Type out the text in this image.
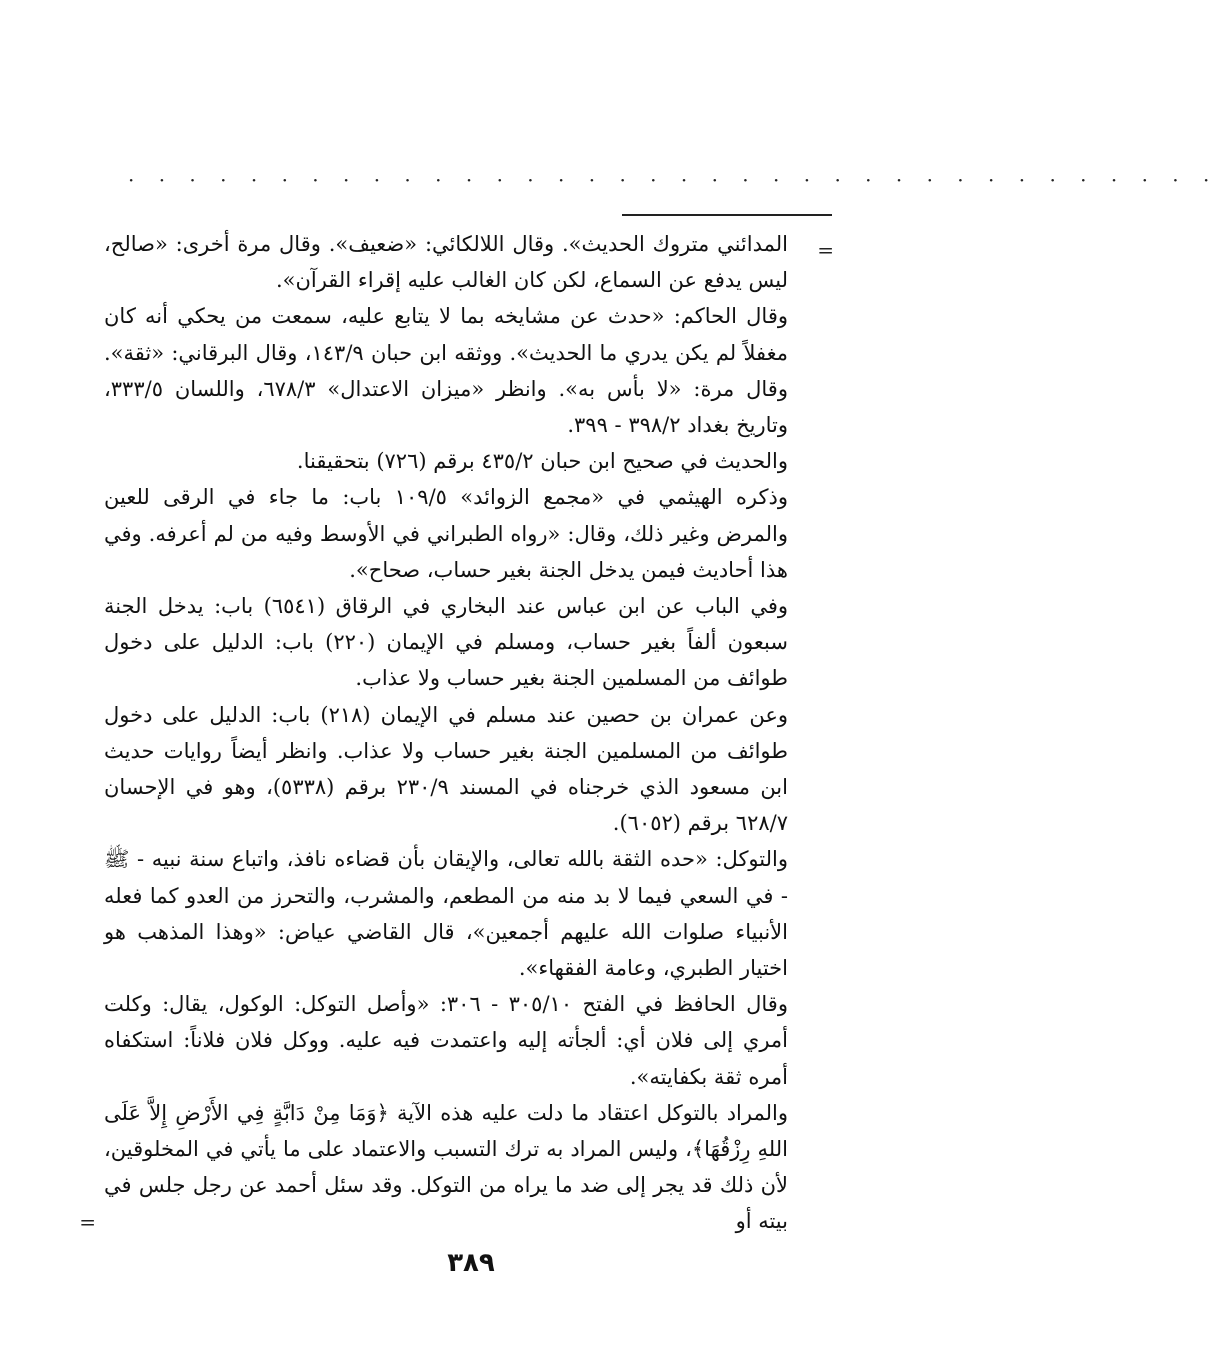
· · · · · · · · · · · · · · · · · · · · · · · · · · · · · · · · · · · ·
=

المدائني متروك الحديث». وقال اللالكائي: «ضعيف». وقال مرة أخرى: «صالح، ليس يدفع عن السماع، لكن كان الغالب عليه إقراء القرآن».

وقال الحاكم: «حدث عن مشايخه بما لا يتابع عليه، سمعت من يحكي أنه كان مغفلاً لم يكن يدري ما الحديث». ووثقه ابن حبان ٩/‏١٤٣، وقال البرقاني: «ثقة». وقال مرة: «لا بأس به». وانظر «ميزان الاعتدال» ٦٧٨/٣، واللسان ٣٣٣/٥، وتاريخ بغداد ٣٩٨/٢ - ٣٩٩.

والحديث في صحيح ابن حبان ٤٣٥/٢ برقم (٧٢٦) بتحقيقنا.

وذكره الهيثمي في «مجمع الزوائد» ١٠٩/٥ باب: ما جاء في الرقى للعين والمرض وغير ذلك، وقال: «رواه الطبراني في الأوسط وفيه من لم أعرفه. وفي هذا أحاديث فيمن يدخل الجنة بغير حساب، صحاح».

وفي الباب عن ابن عباس عند البخاري في الرقاق (٦٥٤١) باب: يدخل الجنة سبعون ألفاً بغير حساب، ومسلم في الإيمان (٢٢٠) باب: الدليل على دخول طوائف من المسلمين الجنة بغير حساب ولا عذاب.

وعن عمران بن حصين عند مسلم في الإيمان (٢١٨) باب: الدليل على دخول طوائف من المسلمين الجنة بغير حساب ولا عذاب. وانظر أيضاً روايات حديث ابن مسعود الذي خرجناه في المسند ٢٣٠/٩ برقم (٥٣٣٨)، وهو في الإحسان ٦٢٨/٧ برقم (٦٠٥٢).

والتوكل: «حده الثقة بالله تعالى، والإيقان بأن قضاءه نافذ، واتباع سنة نبيه - ﷺ - في السعي فيما لا بد منه من المطعم، والمشرب، والتحرز من العدو كما فعله الأنبياء صلوات الله عليهم أجمعين»، قال القاضي عياض: «وهذا المذهب هو اختيار الطبري، وعامة الفقهاء».

وقال الحافظ في الفتح ٣٠٥/١٠ - ٣٠٦: «وأصل التوكل: الوكول، يقال: وكلت أمري إلى فلان أي: ألجأته إليه واعتمدت فيه عليه. ووكل فلان فلاناً: استكفاه أمره ثقة بكفايته».

والمراد بالتوكل اعتقاد ما دلت عليه هذه الآية ﴿وَمَا مِنْ دَابَّةٍ فِي الأَرْضِ إِلاَّ عَلَى اللهِ رِزْقُهَا﴾، وليس المراد به ترك التسبب والاعتماد على ما يأتي في المخلوقين، لأن ذلك قد يجر إلى ضد ما يراه من التوكل. وقد سئل أحمد عن رجل جلس في بيته أو

=
٣٨٩
